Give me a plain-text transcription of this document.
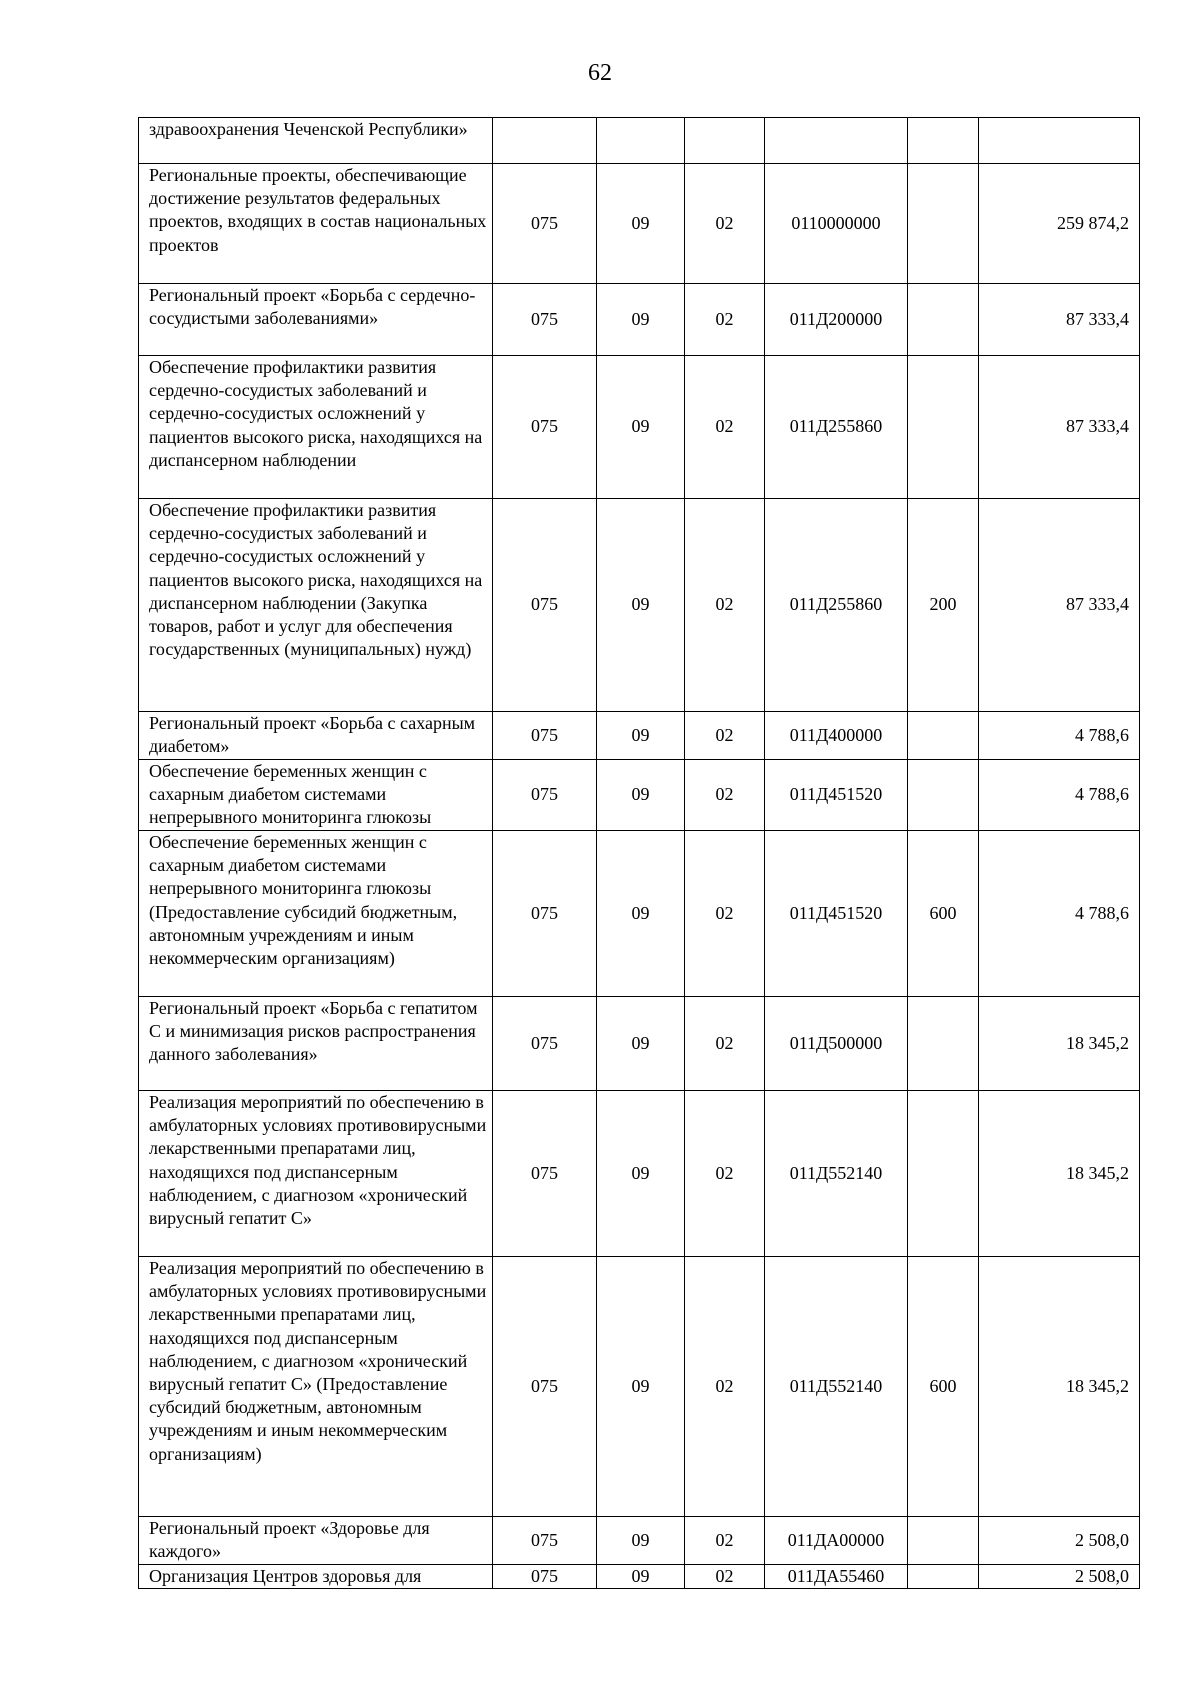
62
здравоохранения Чеченской Республики»						
Региональные проекты, обеспечивающие достижение результатов федеральных проектов, входящих в состав национальных проектов	075	09	02	0110000000		259 874,2
Региональный проект «Борьба с сердечно-сосудистыми заболеваниями»	075	09	02	011Д200000		87 333,4
Обеспечение профилактики развития сердечно-сосудистых заболеваний и сердечно-сосудистых осложнений у пациентов высокого риска, находящихся на диспансерном наблюдении	075	09	02	011Д255860		87 333,4
Обеспечение профилактики развития сердечно-сосудистых заболеваний и сердечно-сосудистых осложнений у пациентов высокого риска, находящихся на диспансерном наблюдении (Закупка товаров, работ и услуг для обеспечения государственных (муниципальных) нужд)	075	09	02	011Д255860	200	87 333,4
Региональный проект «Борьба с сахарным диабетом»	075	09	02	011Д400000		4 788,6
Обеспечение беременных женщин с сахарным диабетом системами непрерывного мониторинга глюкозы	075	09	02	011Д451520		4 788,6
Обеспечение беременных женщин с сахарным диабетом системами непрерывного мониторинга глюкозы (Предоставление субсидий бюджетным, автономным учреждениям и иным некоммерческим организациям)	075	09	02	011Д451520	600	4 788,6
Региональный проект «Борьба с гепатитом С и минимизация рисков распространения данного заболевания»	075	09	02	011Д500000		18 345,2
Реализация мероприятий по обеспечению в амбулаторных условиях противовирусными лекарственными препаратами лиц, находящихся под диспансерным наблюдением, с диагнозом «хронический вирусный гепатит С»	075	09	02	011Д552140		18 345,2
Реализация мероприятий по обеспечению в амбулаторных условиях противовирусными лекарственными препаратами лиц, находящихся под диспансерным наблюдением, с диагнозом «хронический вирусный гепатит С» (Предоставление субсидий бюджетным, автономным учреждениям и иным некоммерческим организациям)	075	09	02	011Д552140	600	18 345,2
Региональный проект «Здоровье для каждого»	075	09	02	011ДА00000		2 508,0
Организация Центров здоровья для	075	09	02	011ДА55460		2 508,0
